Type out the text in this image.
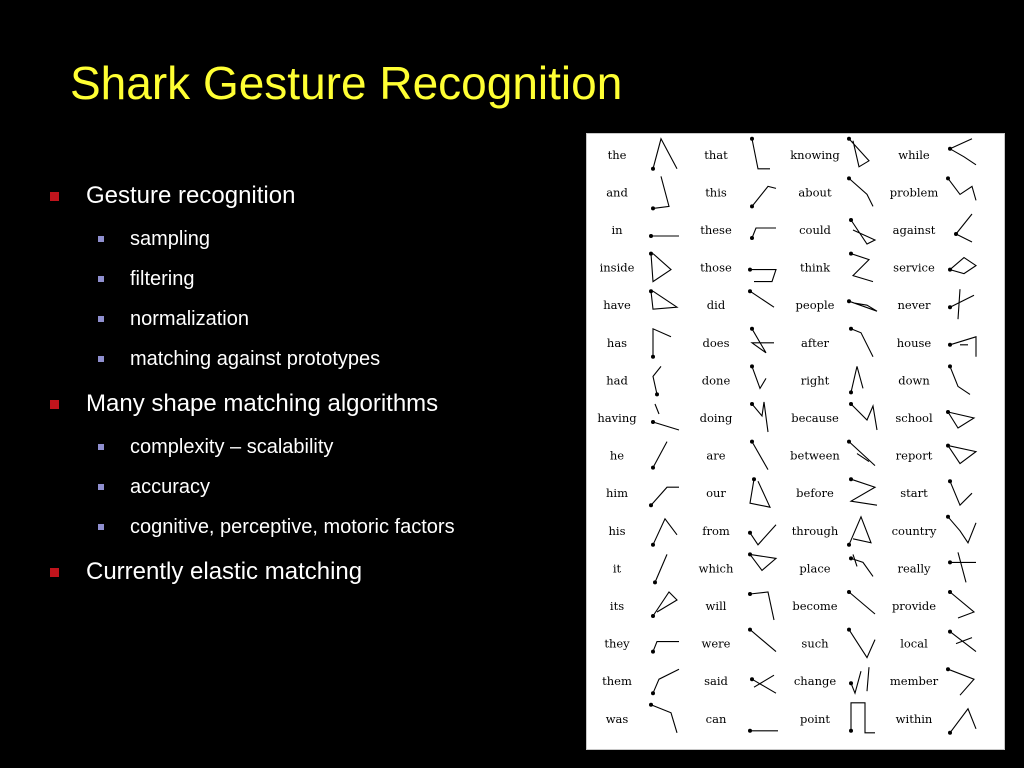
Shark Gesture Recognition
Gesture recognition
sampling
filtering
normalization
matching against prototypes
Many shape matching algorithms
complexity – scalability
accuracy
cognitive, perceptive, motoric factors
Currently elastic matching
the	that	knowing	while
and	this	about	problem
in	these	could	against
inside	those	think	service
have	did	people	never
has	does	after	house
had	done	right	down
having	doing	because	school
he	are	between	report
him	our	before	start
his	from	through	country
it	which	place	really
its	will	become	provide
they	were	such	local
them	said	change	member
was	can	point	within
